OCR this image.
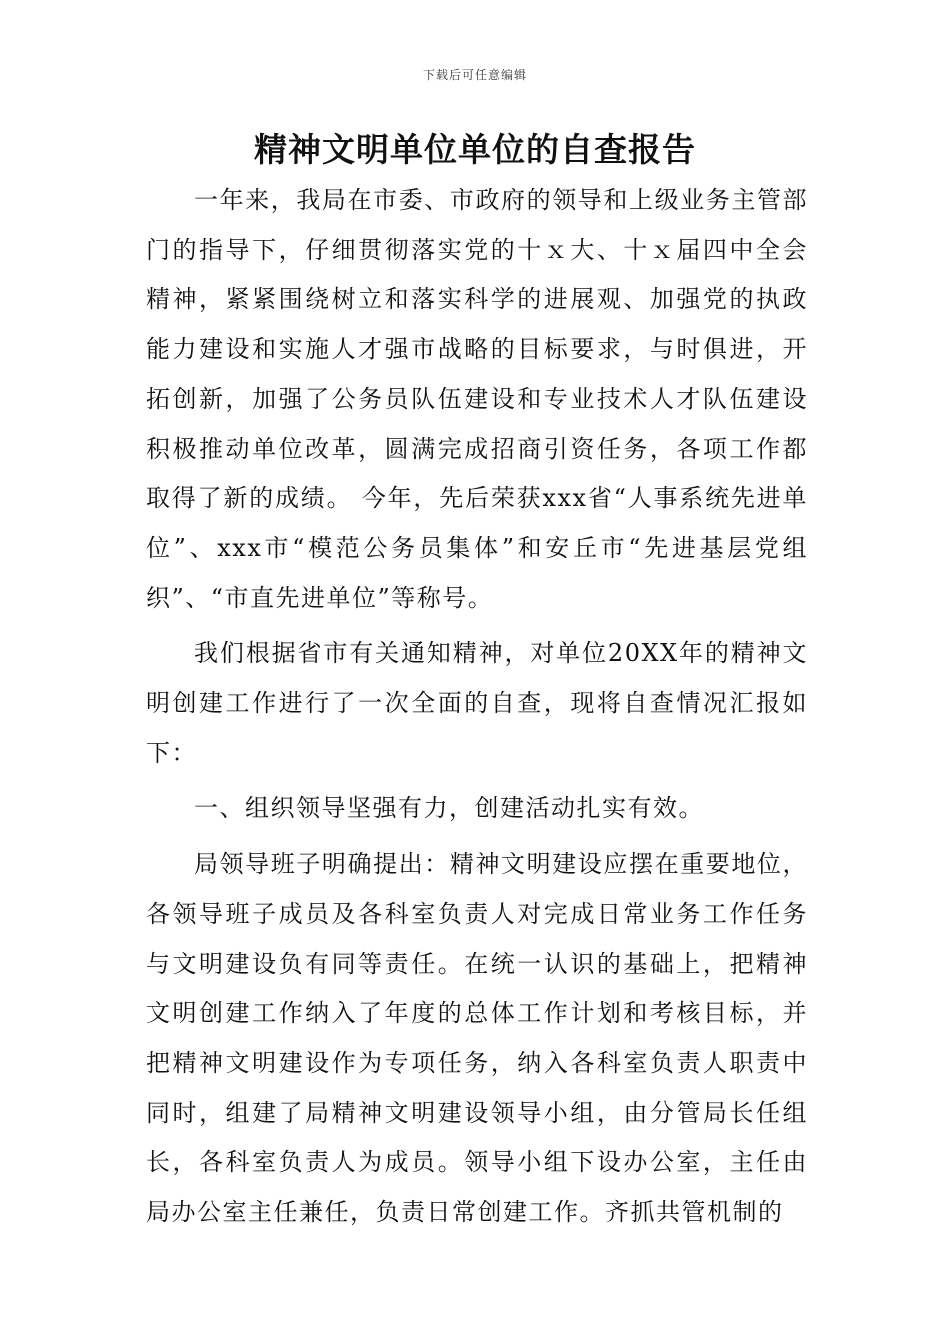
下载后可任意编辑
精神文明单位单位的自查报告

一年来，我局在市委、市政府的领导和上级业务主管部门的指导下，仔细贯彻落实党的十ｘ大、十ｘ届四中全会精神，紧紧围绕树立和落实科学的进展观、加强党的执政能力建设和实施人才强市战略的目标要求，与时俱进，开拓创新，加强了公务员队伍建设和专业技术人才队伍建设积极推动单位改革，圆满完成招商引资任务，各项工作都取得了新的成绩。 今年，先后荣获xxx省“人事系统先进单位”、xxx市“模范公务员集体”和安丘市“先进基层党组织”、“市直先进单位”等称号。

我们根据省市有关通知精神，对单位20XX年的精神文明创建工作进行了一次全面的自查，现将自查情况汇报如下：

一、组织领导坚强有力，创建活动扎实有效。

局领导班子明确提出：精神文明建设应摆在重要地位，各领导班子成员及各科室负责人对完成日常业务工作任务与文明建设负有同等责任。在统一认识的基础上，把精神文明创建工作纳入了年度的总体工作计划和考核目标，并把精神文明建设作为专项任务，纳入各科室负责人职责中同时，组建了局精神文明建设领导小组，由分管局长任组长，各科室负责人为成员。领导小组下设办公室，主任由局办公室主任兼任，负责日常创建工作。齐抓共管机制的
